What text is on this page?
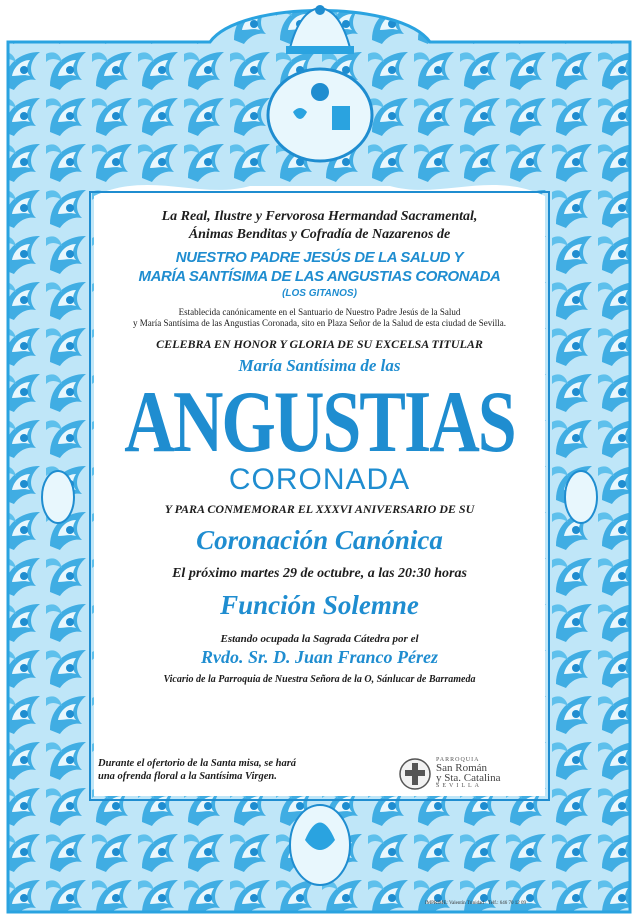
La Real, Ilustre y Fervorosa Hermandad Sacramental,
Ánimas Benditas y Cofradía de Nazarenos de
NUESTRO PADRE JESÚS DE LA SALUD Y
MARÍA SANTÍSIMA DE LAS ANGUSTIAS CORONADA
(LOS GITANOS)
Establecida canónicamente en el Santuario de Nuestro Padre Jesús de la Salud
y María Santísima de las Angustias Coronada, sito en Plaza Señor de la Salud de esta ciudad de Sevilla.
CELEBRA EN HONOR Y GLORIA DE SU EXCELSA TITULAR
María Santísima de las
ANGUSTIAS
CORONADA
Y PARA CONMEMORAR EL XXXVI ANIVERSARIO DE SU
Coronación Canónica
El próximo martes 29 de octubre, a las 20:30 horas
Función Solemne
Estando ocupada la Sagrada Cátedra por el
Rvdo. Sr. D. Juan Franco Pérez
Vicario de la Parroquia de Nuestra Señora de la O, Sánlucar de Barrameda
Durante el ofertorio de la Santa misa, se hará
una ofrenda floral a la Santísima Virgen.
PARROQUIA
San Román
y Sta. Catalina
SEVILLA
IMPRIME: Valentín Trinidad · Telf.: 646 70 12 09
